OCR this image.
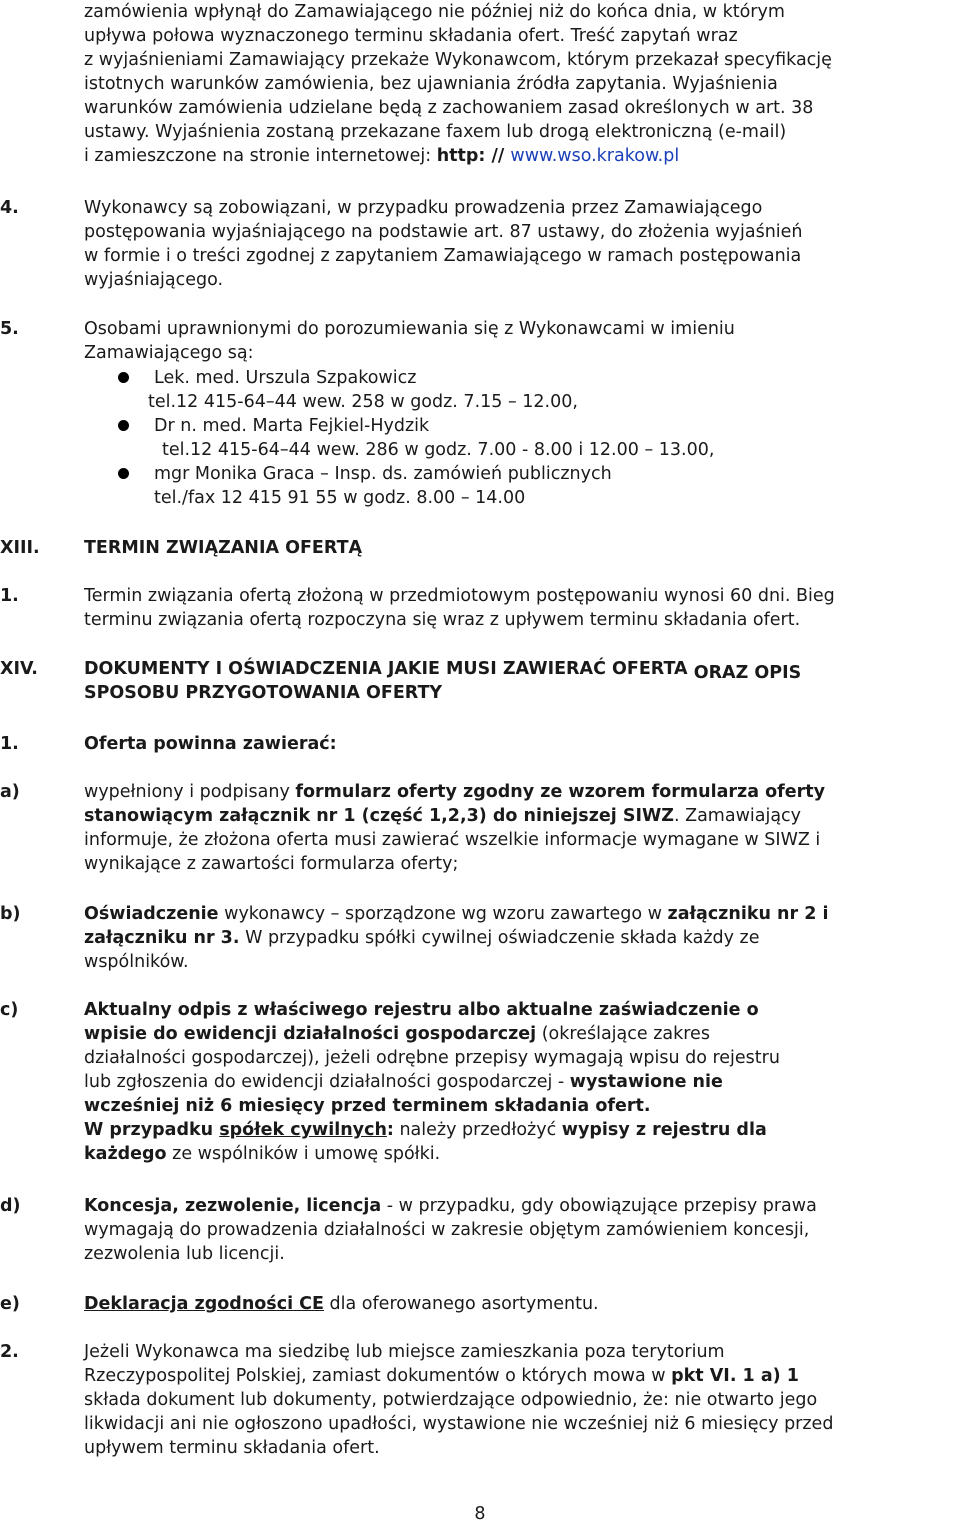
zamówienia wpłynął do Zamawiającego nie później niż do końca dnia, w którym
upływa połowa wyznaczonego terminu składania ofert. Treść zapytań wraz
z wyjaśnieniami Zamawiający przekaże Wykonawcom, którym przekazał specyfikację
istotnych warunków zamówienia, bez ujawniania źródła zapytania. Wyjaśnienia
warunków zamówienia udzielane będą z zachowaniem zasad określonych w art. 38
ustawy. Wyjaśnienia zostaną przekazane faxem lub drogą elektroniczną (e-mail)
i zamieszczone na stronie internetowej: http: // www.wso.krakow.pl
4.	Wykonawcy są zobowiązani, w przypadku prowadzenia przez Zamawiającego
postępowania wyjaśniającego na podstawie art. 87 ustawy, do złożenia wyjaśnień
w formie i o treści zgodnej z zapytaniem Zamawiającego w ramach postępowania
wyjaśniającego.
5.	Osobami uprawnionymi do porozumiewania się z Wykonawcami w imieniu
Zamawiającego są:
Lek. med. Urszula Szpakowicz
tel.12 415-64–44 wew. 258 w godz. 7.15 – 12.00,
Dr n. med. Marta Fejkiel-Hydzik
tel.12 415-64–44 wew. 286 w godz. 7.00 - 8.00 i 12.00 – 13.00,
mgr Monika Graca – Insp. ds. zamówień publicznych
tel./fax 12 415 91 55 w godz. 8.00 – 14.00
XIII.	TERMIN ZWIĄZANIA OFERTĄ
1.	Termin związania ofertą złożoną w przedmiotowym postępowaniu wynosi 60 dni. Bieg
terminu związania ofertą rozpoczyna się wraz z upływem terminu składania ofert.
XIV.	DOKUMENTY I OŚWIADCZENIA JAKIE MUSI ZAWIERAĆ OFERTA ORAZ OPIS
SPOSOBU PRZYGOTOWANIA OFERTY
1.	Oferta powinna zawierać:
a)	wypełniony i podpisany formularz oferty zgodny ze wzorem formularza oferty
stanowiącym załącznik nr 1 (część 1,2,3) do niniejszej SIWZ. Zamawiający
informuje, że złożona oferta musi zawierać wszelkie informacje wymagane w SIWZ i
wynikające z zawartości formularza oferty;
b)	Oświadczenie wykonawcy – sporządzone wg wzoru zawartego w załączniku nr 2 i
załączniku nr 3. W przypadku spółki cywilnej oświadczenie składa każdy ze
wspólników.
c)	Aktualny odpis z właściwego rejestru albo aktualne zaświadczenie o
wpisie do ewidencji działalności gospodarczej (określające zakres
działalności gospodarczej), jeżeli odrębne przepisy wymagają wpisu do rejestru
lub zgłoszenia do ewidencji działalności gospodarczej - wystawione nie
wcześniej niż 6 miesięcy przed terminem składania ofert.
W przypadku spółek cywilnych: należy przedłożyć wypisy z rejestru dla
każdego ze wspólników i umowę spółki.
d)	Koncesja, zezwolenie, licencja - w przypadku, gdy obowiązujące przepisy prawa
wymagają do prowadzenia działalności w zakresie objętym zamówieniem koncesji,
zezwolenia lub licencji.
e)	Deklaracja zgodności CE dla oferowanego asortymentu.
2.	Jeżeli Wykonawca ma siedzibę lub miejsce zamieszkania poza terytorium
Rzeczypospolitej Polskiej, zamiast dokumentów o których mowa w pkt VI. 1 a) 1
składa dokument lub dokumenty, potwierdzające odpowiednio, że: nie otwarto jego
likwidacji ani nie ogłoszono upadłości, wystawione nie wcześniej niż 6 miesięcy przed
upływem terminu składania ofert.
8
